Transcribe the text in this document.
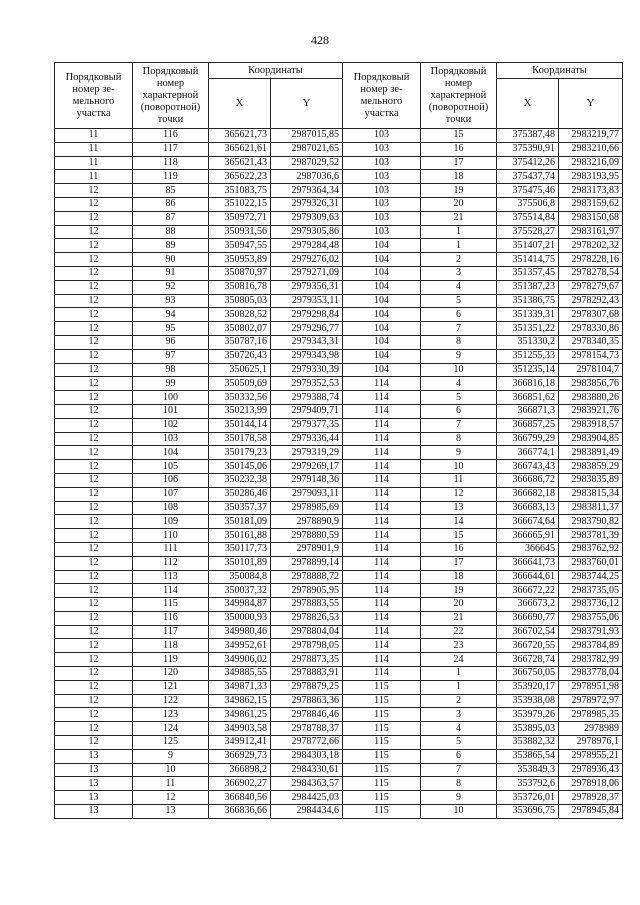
428
Порядковый номер зе-мельного участка	Порядковый номер характерной (поворотной) точки	Координаты		Порядковый номер зе-мельного участка	Порядковый номер характерной (поворотной) точки	Координаты	
		X	Y			X	Y
11	116	365621,73	2987015,85	103	15	375387,48	2983219,77
11	117	365621,61	2987021,65	103	16	375390,91	2983210,66
11	118	365621,43	2987029,52	103	17	375412,26	2983216,09
11	119	365622,23	2987036,6	103	18	375437,74	2983193,95
12	85	351083,75	2979364,34	103	19	375475,46	2983173,83
12	86	351022,15	2979326,31	103	20	375506,8	2983159,62
12	87	350972,71	2979309,63	103	21	375514,84	2983150,68
12	88	350931,56	2979305,86	103	1	375528,27	2983161,97
12	89	350947,55	2979284,48	104	1	351407,21	2978202,32
12	90	350953,89	2979276,02	104	2	351414,75	2978228,16
12	91	350870,97	2979271,09	104	3	351357,45	2978278,54
12	92	350816,78	2979356,31	104	4	351387,23	2978279,67
12	93	350805,03	2979353,11	104	5	351386,75	2978292,43
12	94	350828,52	2979298,84	104	6	351339,31	2978307,68
12	95	350802,07	2979296,77	104	7	351351,22	2978330,86
12	96	350787,16	2979343,31	104	8	351330,2	2978340,35
12	97	350726,43	2979343,98	104	9	351255,33	2978154,73
12	98	350625,1	2979330,39	104	10	351235,14	2978104,7
12	99	350509,69	2979352,53	114	4	366816,18	2983856,76
12	100	350332,56	2979388,74	114	5	366851,62	2983880,26
12	101	350213,99	2979409,71	114	6	366871,3	2983921,76
12	102	350144,14	2979377,35	114	7	366857,25	2983918,57
12	103	350178,58	2979336,44	114	8	366799,29	2983904,85
12	104	350179,23	2979319,29	114	9	366774,1	2983891,49
12	105	350145,06	2979269,17	114	10	366743,43	2983859,29
12	106	350232,38	2979148,36	114	11	366686,72	2983835,89
12	107	350286,46	2979093,11	114	12	366682,18	2983815,34
12	108	350357,37	2978985,69	114	13	366683,13	2983811,37
12	109	350181,09	2978890,9	114	14	366674,64	2983790,82
12	110	350161,88	2978880,59	114	15	366665,91	2983781,39
12	111	350117,73	2978901,9	114	16	366645	2983762,92
12	112	350101,89	2978899,14	114	17	366641,73	2983760,01
12	113	350084,8	2978888,72	114	18	366644,61	2983744,25
12	114	350037,32	2978905,95	114	19	366672,22	2983735,05
12	115	349984,87	2978883,55	114	20	366673,2	2983736,12
12	116	350000,93	2978826,53	114	21	366690,77	2983755,06
12	117	349980,46	2978804,04	114	22	366702,54	2983791,93
12	118	349952,61	2978798,05	114	23	366720,55	2983784,89
12	119	349906,02	2978873,35	114	24	366728,74	2983782,99
12	120	349885,55	2978883,91	114	1	366750,05	2983778,04
12	121	349871,33	2978879,25	115	1	353920,17	2978951,98
12	122	349862,15	2978863,36	115	2	353938,08	2978972,97
12	123	349861,25	2978846,46	115	3	353979,26	2978985,35
12	124	349903,58	2978788,37	115	4	353895,03	2978989
12	125	349912,41	2978772,66	115	5	353882,32	2978976,1
13	9	366929,73	2984303,18	115	6	353865,54	2978955,21
13	10	366898,2	2984330,61	115	7	353849,3	2978936,43
13	11	366902,27	2984363,57	115	8	353792,6	2978918,06
13	12	366840,56	2984425,03	115	9	353726,01	2978928,37
13	13	366836,66	2984434,6	115	10	353696,75	2978945,84
